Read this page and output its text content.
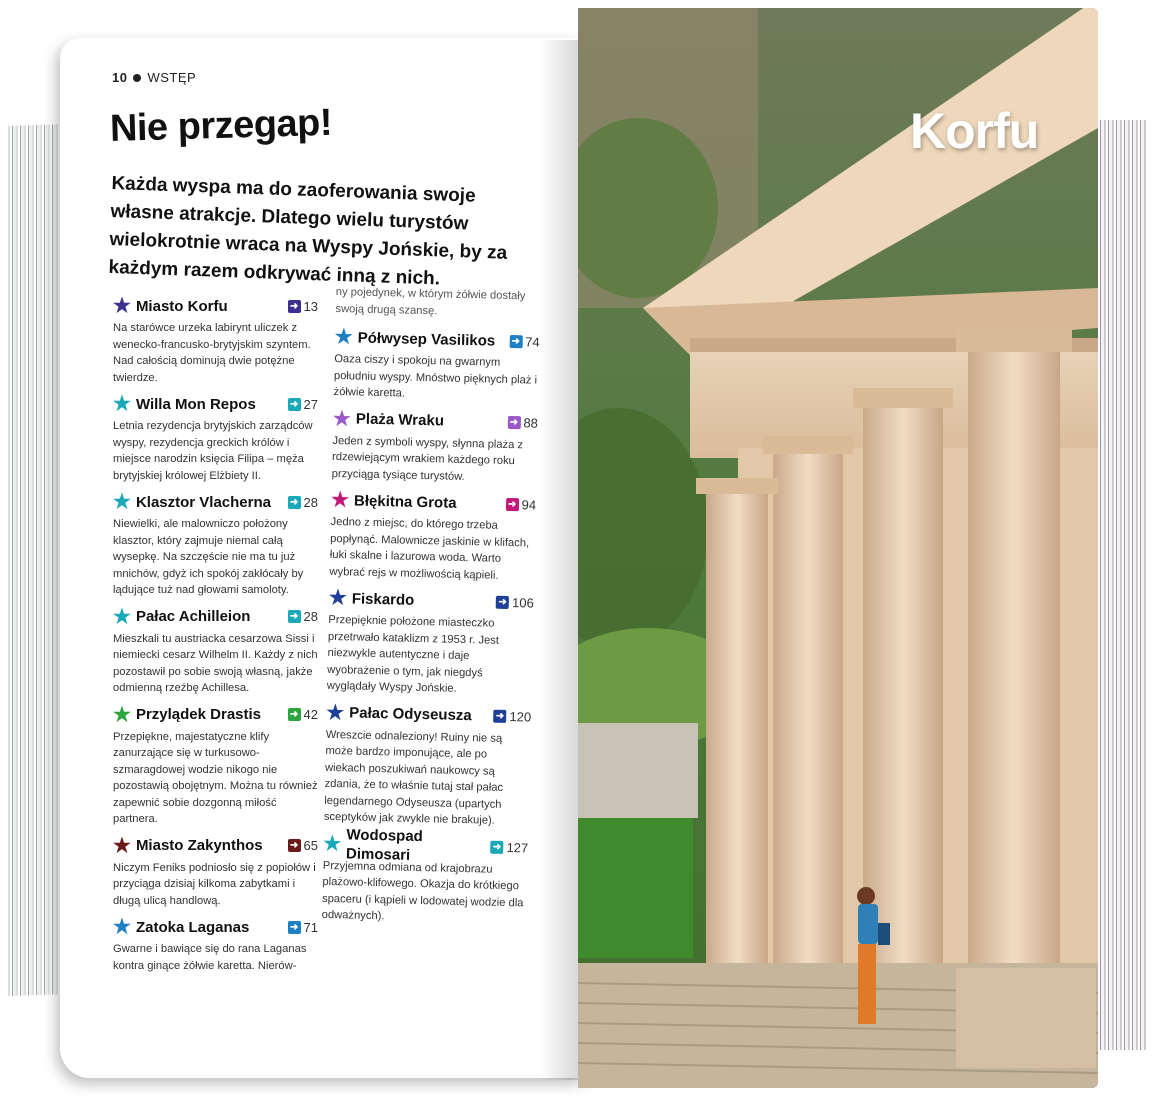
10 WSTĘP
Nie przegap!
Każda wyspa ma do zaoferowania swoje własne atrakcje. Dlatego wielu turystów wielokrotnie wraca na Wyspy Jońskie, by za każdym razem odkrywać inną z nich.
★ Miasto Korfu	➜ 13
Na starówce urzeka labirynt uliczek z wenecko-francusko-brytyjskim szyntem. Nad całością dominują dwie potężne twierdze.
★ Willa Mon Repos	➜ 27
Letnia rezydencja brytyjskich zarządców wyspy, rezydencja greckich królów i miejsce narodzin księcia Filipa – męża brytyjskiej królowej Elżbiety II.
★ Klasztor Vlacherna	➜ 28
Niewielki, ale malowniczo położony klasztor, który zajmuje niemal całą wysepkę. Na szczęście nie ma tu już mnichów, gdyż ich spokój zakłócały by lądujące tuż nad głowami samoloty.
★ Pałac Achilleion	➜ 28
Mieszkali tu austriacka cesarzowa Sissi i niemiecki cesarz Wilhelm II. Każdy z nich pozostawił po sobie swoją własną, jakże odmienną rzeźbę Achillesa.
★ Przylądek Drastis	➜ 42
Przepiękne, majestatyczne klify zanurzające się w turkusowo-szmaragdowej wodzie nikogo nie pozostawią obojętnym. Można tu również zapewnić sobie dozgonną miłość partnera.
★ Miasto Zakynthos	➜ 65
Niczym Feniks podniosło się z popiołów i przyciąga dzisiaj kilkoma zabytkami i długą ulicą handlową.
★ Zatoka Laganas	➜ 71
Gwarne i bawiące się do rana Laganas kontra ginące żółwie karetta. Nierów-
ny pojedynek, w którym żółwie dostały swoją drugą szansę.
★ Półwysep Vasilikos	➜ 74
Oaza ciszy i spokoju na gwarnym południu wyspy. Mnóstwo pięknych plaż i żółwie karetta.
★ Plaża Wraku	➜ 88
Jeden z symboli wyspy, słynna plaża z rdzewiejącym wrakiem każdego roku przyciąga tysiące turystów.
★ Błękitna Grota	➜ 94
Jedno z miejsc, do którego trzeba popłynąć. Malownicze jaskinie w klifach, łuki skalne i lazurowa woda. Warto wybrać rejs w możliwością kąpieli.
★ Fiskardo	➜ 106
Przepięknie położone miasteczko przetrwało kataklizm z 1953 r. Jest niezwykle autentyczne i daje wyobrażenie o tym, jak niegdyś wyglądały Wyspy Jońskie.
★ Pałac Odyseusza	➜ 120
Wreszcie odnaleziony! Ruiny nie są może bardzo imponujące, ale po wiekach poszukiwań naukowcy są zdania, że to właśnie tutaj stał pałac legendarnego Odyseusza (upartych sceptyków jak zwykle nie brakuje).
★ Wodospad Dimosari	➜ 127
Przyjemna odmiana od krajobrazu plażowo-klifowego. Okazja do krótkiego spaceru (i kąpieli w lodowatej wodzie dla odważnych).
Korfu
